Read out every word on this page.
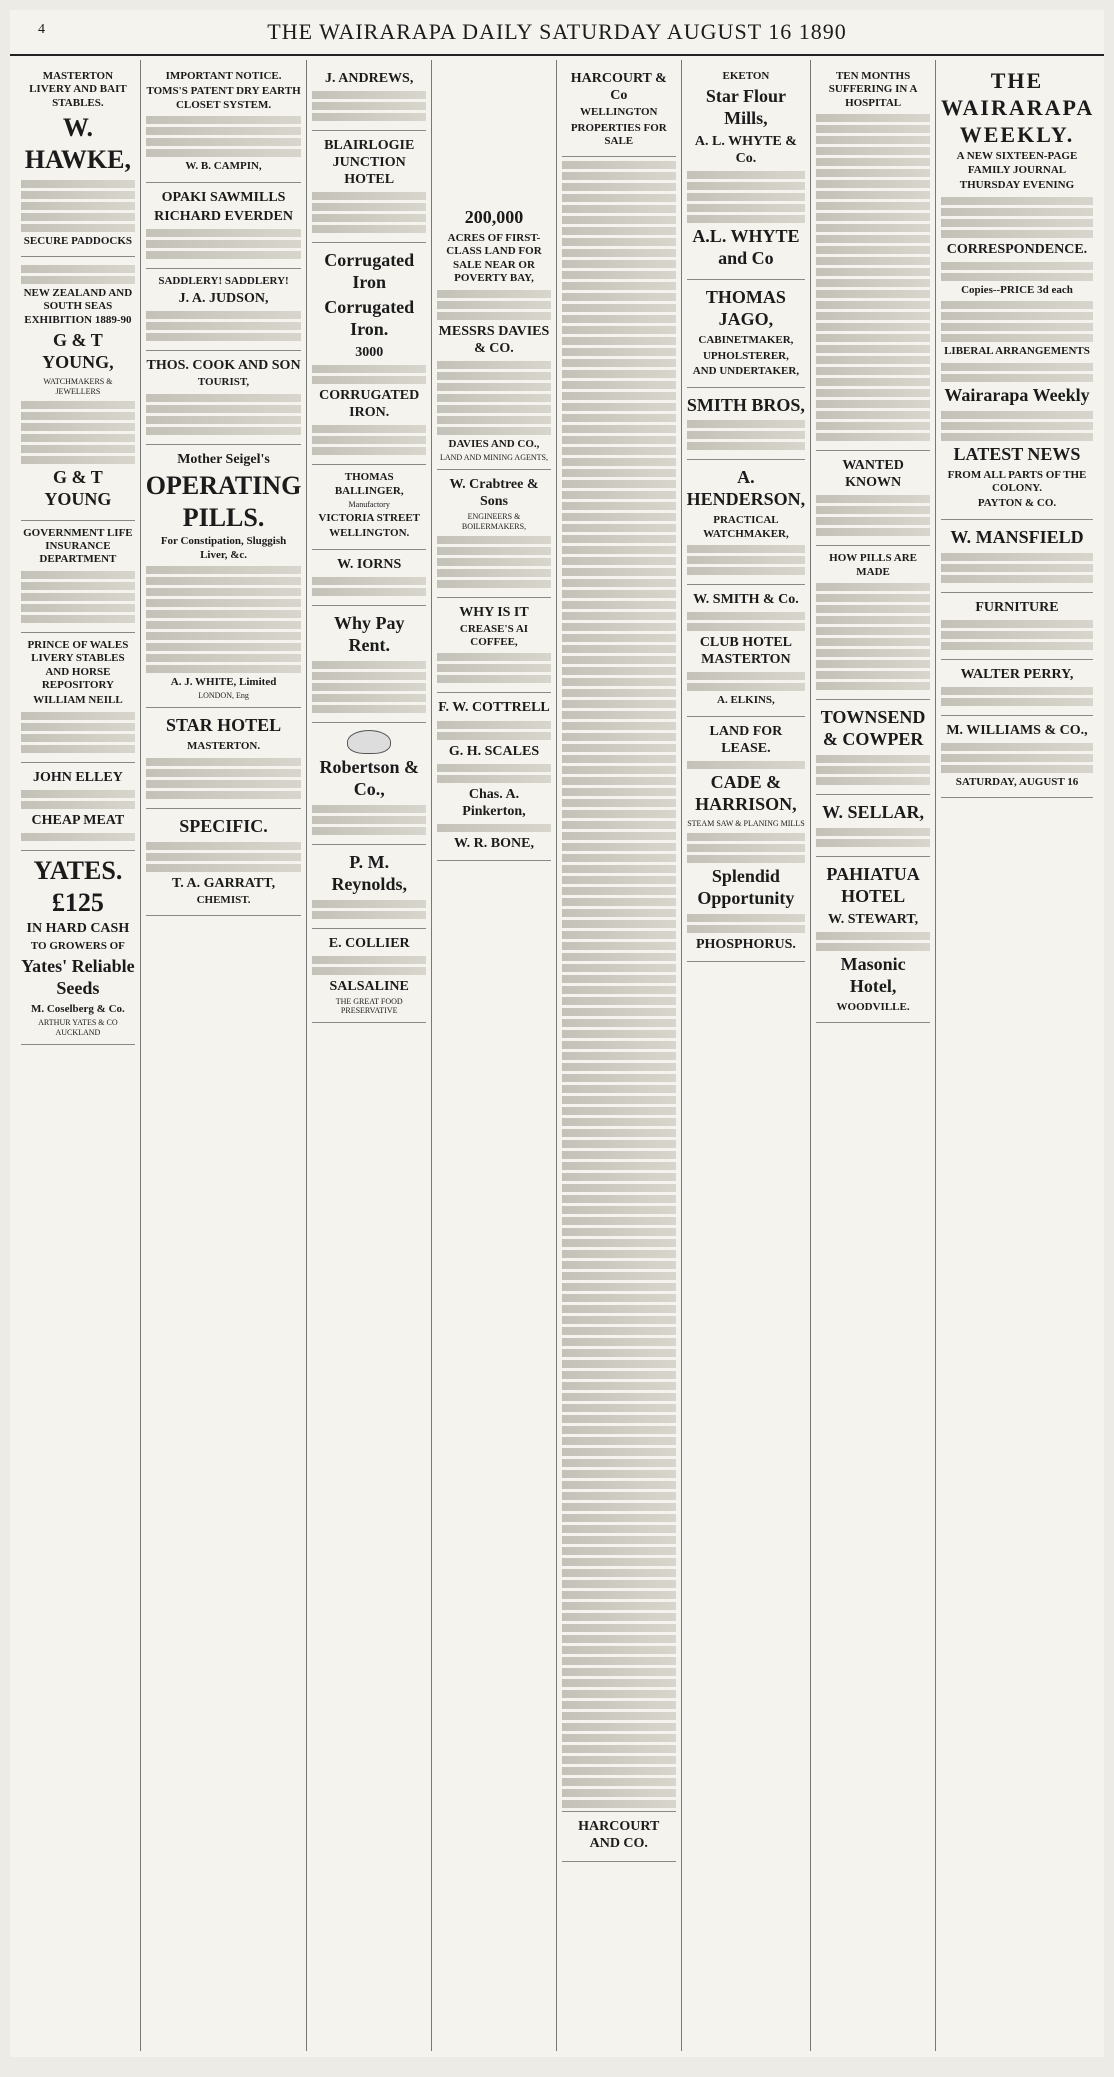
4	THE WAIRARAPA DAILY SATURDAY AUGUST 16 1890
MASTERTON LIVERY AND BAIT STABLES.
W. HAWKE,
SECURE PADDOCKS
NEW ZEALAND AND SOUTH SEAS EXHIBITION 1889-90
G & T YOUNG,
WATCHMAKERS & JEWELLERS
G & T YOUNG
GOVERNMENT LIFE INSURANCE DEPARTMENT
PRINCE OF WALES LIVERY STABLES AND HORSE REPOSITORY
WILLIAM NEILL
JOHN ELLEY
CHEAP MEAT
YATES.
£125
IN HARD CASH
TO GROWERS OF
Yates' Reliable Seeds
M. Coselberg & Co.
ARTHUR YATES & CO AUCKLAND
IMPORTANT NOTICE.
TOMS'S PATENT DRY EARTH CLOSET SYSTEM.
W. B. CAMPIN,
OPAKI SAWMILLS
RICHARD EVERDEN
SADDLERY! SADDLERY!
J. A. JUDSON,
THOS. COOK AND SON
TOURIST,
Mother Seigel's
OPERATING PILLS.
For Constipation, Sluggish Liver, &c.
A. J. WHITE, Limited
LONDON, Eng
STAR HOTEL
MASTERTON.
SPECIFIC.
T. A. GARRATT,
CHEMIST.
J. ANDREWS,
BLAIRLOGIE JUNCTION HOTEL
Corrugated Iron
Corrugated Iron.
3000
CORRUGATED IRON.
THOMAS BALLINGER,
Manufactory
VICTORIA STREET
WELLINGTON.
W. IORNS
Why Pay Rent.
Robertson & Co.,
P. M. Reynolds,
E. COLLIER
SALSALINE
THE GREAT FOOD PRESERVATIVE
200,000
ACRES OF FIRST-CLASS LAND FOR SALE NEAR OR POVERTY BAY,
MESSRS DAVIES & CO.
DAVIES AND CO.,
LAND AND MINING AGENTS,
W. Crabtree & Sons
ENGINEERS & BOILERMAKERS,
WHY IS IT
CREASE'S AI COFFEE,
F. W. COTTRELL
G. H. SCALES
Chas. A. Pinkerton,
W. R. BONE,
HARCOURT & Co
WELLINGTON
PROPERTIES FOR SALE
HARCOURT AND CO.
EKETON
Star Flour Mills,
A. L. WHYTE & Co.
A.L. WHYTE and Co
THOMAS JAGO,
CABINETMAKER,
UPHOLSTERER,
AND UNDERTAKER,
SMITH BROS,
A. HENDERSON,
PRACTICAL WATCHMAKER,
W. SMITH & Co.
CLUB HOTEL MASTERTON
A. ELKINS,
LAND FOR LEASE.
CADE & HARRISON,
STEAM SAW & PLANING MILLS
Splendid Opportunity
PHOSPHORUS.
TEN MONTHS SUFFERING IN A HOSPITAL
WANTED KNOWN
HOW PILLS ARE MADE
TOWNSEND & COWPER
W. SELLAR,
PAHIATUA HOTEL
W. STEWART,
Masonic Hotel,
WOODVILLE.
THE WAIRARAPA WEEKLY.
A NEW SIXTEEN-PAGE FAMILY JOURNAL
THURSDAY EVENING
CORRESPONDENCE.
Copies--PRICE 3d each
LIBERAL ARRANGEMENTS
Wairarapa Weekly
LATEST NEWS
FROM ALL PARTS OF THE COLONY.
PAYTON & CO.
W. MANSFIELD
FURNITURE
WALTER PERRY,
M. WILLIAMS & CO.,
SATURDAY, AUGUST 16
